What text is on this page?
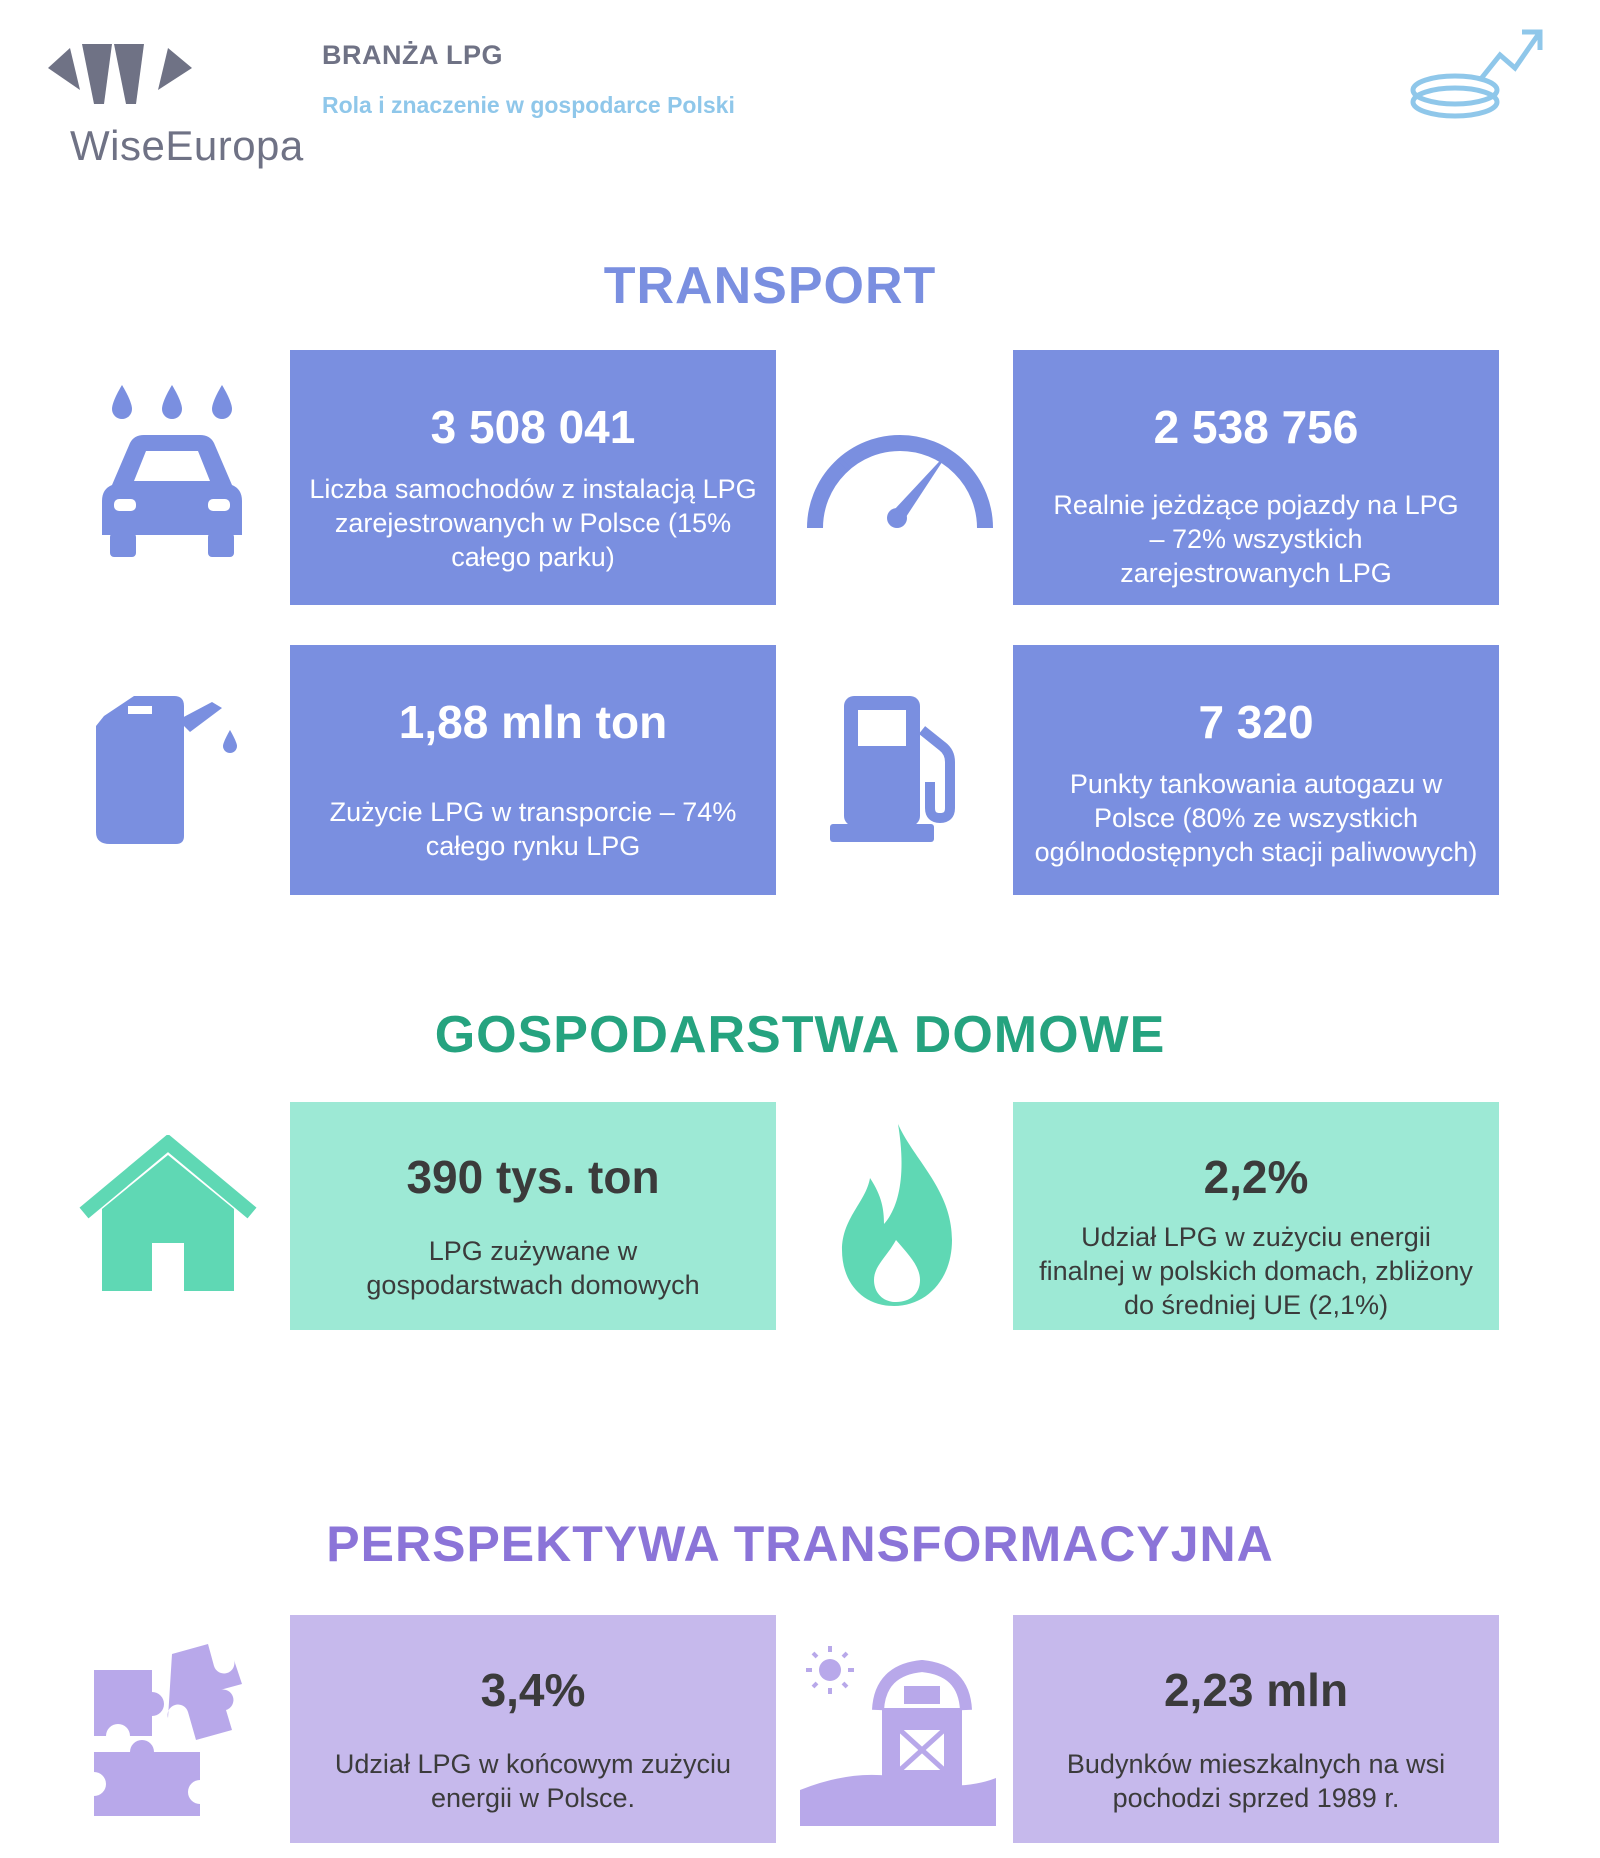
WiseEuropa
BRANŻA LPG
Rola i znaczenie w gospodarce Polski
TRANSPORT
3 508 041
Liczba samochodów z instalacją LPG zarejestrowanych w Polsce (15% całego parku)
2 538 756
Realnie jeżdżące pojazdy na LPG – 72% wszystkich zarejestrowanych LPG
1,88 mln ton
Zużycie LPG w transporcie – 74% całego rynku LPG
7 320
Punkty tankowania autogazu w Polsce (80% ze wszystkich ogólnodostępnych stacji paliwowych)
GOSPODARSTWA DOMOWE
390 tys. ton
LPG zużywane w gospodarstwach domowych
2,2%
Udział LPG w zużyciu energii finalnej w polskich domach, zbliżony do średniej UE (2,1%)
PERSPEKTYWA TRANSFORMACYJNA
3,4%
Udział LPG w końcowym zużyciu energii w Polsce.
2,23 mln
Budynków mieszkalnych na wsi pochodzi sprzed 1989 r.
